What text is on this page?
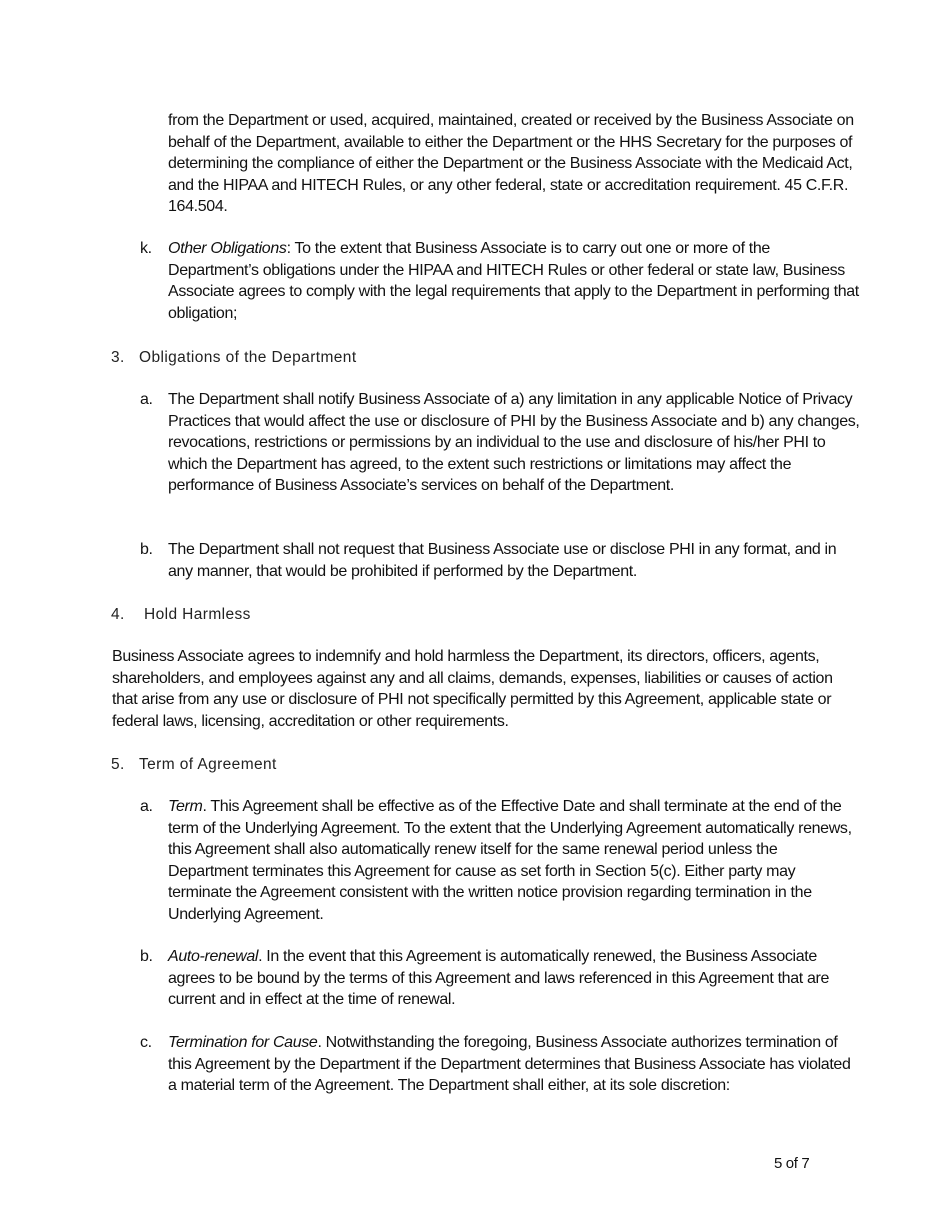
from the Department or used, acquired, maintained, created or received by the Business Associate on behalf of the Department, available to either the Department or the HHS Secretary for the purposes of determining the compliance of either the Department or the Business Associate with the Medicaid Act, and the HIPAA and HITECH Rules, or any other federal, state or accreditation requirement. 45 C.F.R. 164.504.

k. Other Obligations: To the extent that Business Associate is to carry out one or more of the Department’s obligations under the HIPAA and HITECH Rules or other federal or state law, Business Associate agrees to comply with the legal requirements that apply to the Department in performing that obligation;
3. Obligations of the Department
a. The Department shall notify Business Associate of a) any limitation in any applicable Notice of Privacy Practices that would affect the use or disclosure of PHI by the Business Associate and b) any changes, revocations, restrictions or permissions by an individual to the use and disclosure of his/her PHI to which the Department has agreed, to the extent such restrictions or limitations may affect the performance of Business Associate’s services on behalf of the Department.
b. The Department shall not request that Business Associate use or disclose PHI in any format, and in any manner, that would be prohibited if performed by the Department.
4. Hold Harmless

Business Associate agrees to indemnify and hold harmless the Department, its directors, officers, agents, shareholders, and employees against any and all claims, demands, expenses, liabilities or causes of action that arise from any use or disclosure of PHI not specifically permitted by this Agreement, applicable state or federal laws, licensing, accreditation or other requirements.

5. Term of Agreement
a. Term. This Agreement shall be effective as of the Effective Date and shall terminate at the end of the term of the Underlying Agreement. To the extent that the Underlying Agreement automatically renews, this Agreement shall also automatically renew itself for the same renewal period unless the Department terminates this Agreement for cause as set forth in Section 5(c). Either party may terminate the Agreement consistent with the written notice provision regarding termination in the Underlying Agreement.
b. Auto-renewal. In the event that this Agreement is automatically renewed, the Business Associate agrees to be bound by the terms of this Agreement and laws referenced in this Agreement that are current and in effect at the time of renewal.
c. Termination for Cause. Notwithstanding the foregoing, Business Associate authorizes termination of this Agreement by the Department if the Department determines that Business Associate has violated a material term of the Agreement. The Department shall either, at its sole discretion:
5 of 7
